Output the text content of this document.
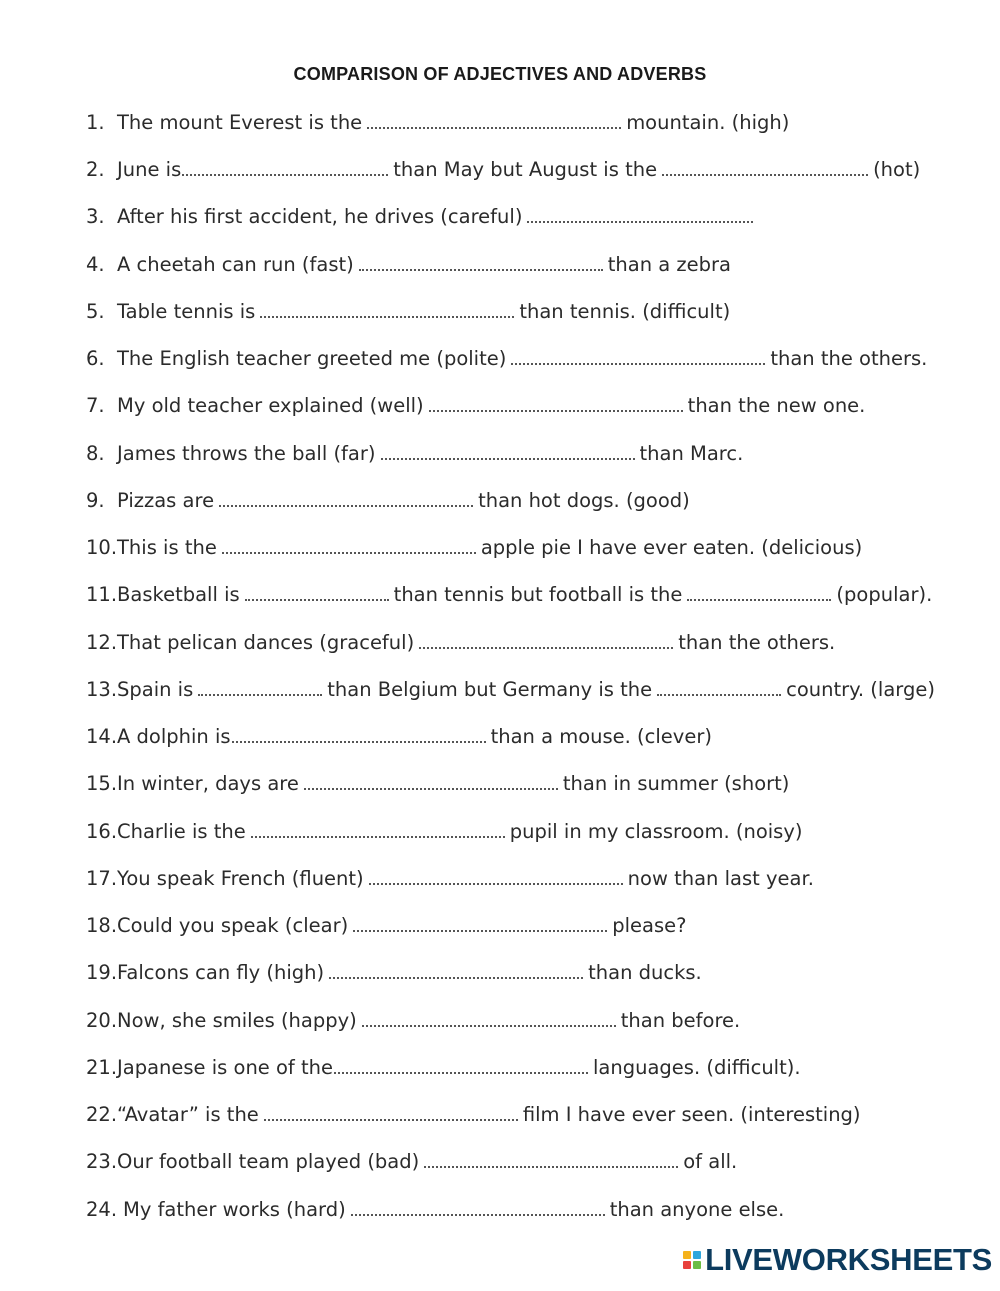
COMPARISON OF ADJECTIVES AND ADVERBS
1. The mount Everest is the	mountain. (high)
2. June is	than May but August is the	(hot)
3. After his first accident, he drives (careful)
4. A cheetah can run (fast)	than a zebra
5. Table tennis is	than tennis. (difficult)
6. The English teacher greeted me (polite)	than the others.
7. My old teacher explained (well)	than the new one.
8. James throws the ball (far)	than Marc.
9. Pizzas are	than hot dogs. (good)
10.This is the	apple pie I have ever eaten. (delicious)
11.Basketball is	than tennis but football is the	(popular).
12.That pelican dances (graceful)	than the others.
13.Spain is	than Belgium but Germany is the	country. (large)
14.A dolphin is	than a mouse. (clever)
15.In winter, days are	than in summer (short)
16.Charlie is the	pupil in my classroom. (noisy)
17.You speak French (fluent)	now than last year.
18.Could you speak (clear)	please?
19.Falcons can fly (high)	than ducks.
20.Now, she smiles (happy)	than before.
21.Japanese is one of the	languages. (difficult).
22.“Avatar” is the	film I have ever seen. (interesting)
23.Our football team played (bad)	of all.
24. My father works (hard)	than anyone else.
LIVEWORKSHEETS
